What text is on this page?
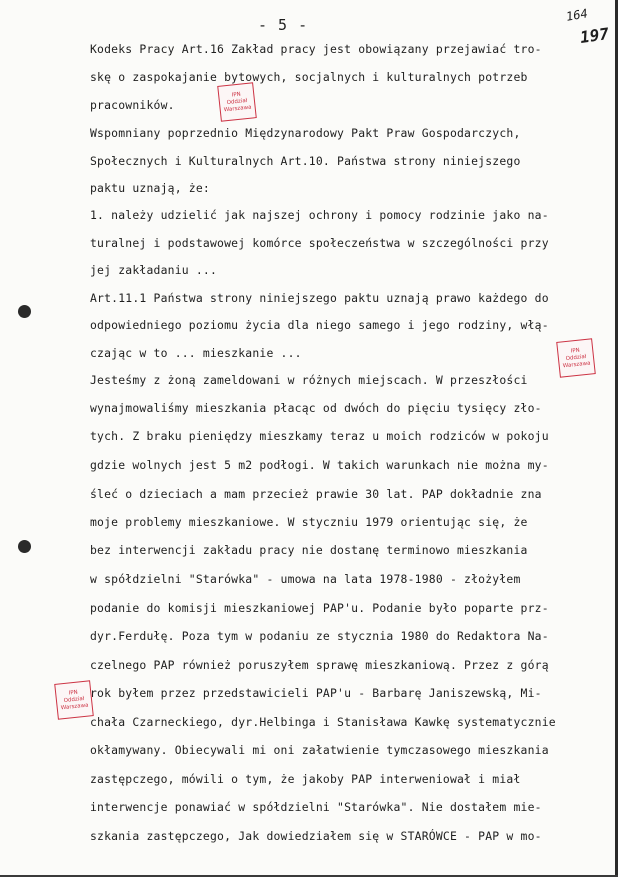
- 5 -
164
197
Kodeks Pracy Art.16 Zakład pracy jest obowiązany przejawiać tro-
skę o zaspokajanie bytowych, socjalnych i kulturalnych potrzeb
pracowników.
Wspomniany poprzednio Międzynarodowy Pakt Praw Gospodarczych,
Społecznych i Kulturalnych Art.10. Państwa strony niniejszego
paktu uznają, że:
1. należy udzielić jak najszej ochrony i pomocy rodzinie jako na-
turalnej i podstawowej komórce społeczeństwa w szczególności przy
jej zakładaniu ...
Art.11.1 Państwa strony niniejszego paktu uznają prawo każdego do
odpowiedniego poziomu życia dla niego samego i jego rodziny, włą-
czając w to ... mieszkanie ...
Jesteśmy z żoną zameldowani w różnych miejscach. W przeszłości
wynajmowaliśmy mieszkania płacąc od dwóch do pięciu tysięcy zło-
tych. Z braku pieniędzy mieszkamy teraz u moich rodziców w pokoju
gdzie wolnych jest 5 m2 podłogi. W takich warunkach nie można my-
śleć o dzieciach a mam przecież prawie 30 lat. PAP dokładnie zna
moje problemy mieszkaniowe. W styczniu 1979 orientując się, że
bez interwencji zakładu pracy nie dostanę terminowo mieszkania
w spółdzielni "Starówka" - umowa na lata 1978-1980 - złożyłem
podanie do komisji mieszkaniowej PAP'u. Podanie było poparte prz-
dyr.Ferdułę. Poza tym w podaniu ze stycznia 1980 do Redaktora Na-
czelnego PAP również poruszyłem sprawę mieszkaniową. Przez z górą
rok byłem przez przedstawicieli PAP'u - Barbarę Janiszewską, Mi-
chała Czarneckiego, dyr.Helbinga i Stanisława Kawkę systematycznie
okłamywany. Obiecywali mi oni załatwienie tymczasowego mieszkania
zastępczego, mówili o tym, że jakoby PAP interweniował i miał
interwencje ponawiać w spółdzielni "Starówka". Nie dostałem mie-
szkania zastępczego, Jak dowiedziałem się w STARÓWCE - PAP w mo-
IPN
Oddział
Warszawa
IPN
Oddział
Warszawa
IPN
Oddział
Warszawa
